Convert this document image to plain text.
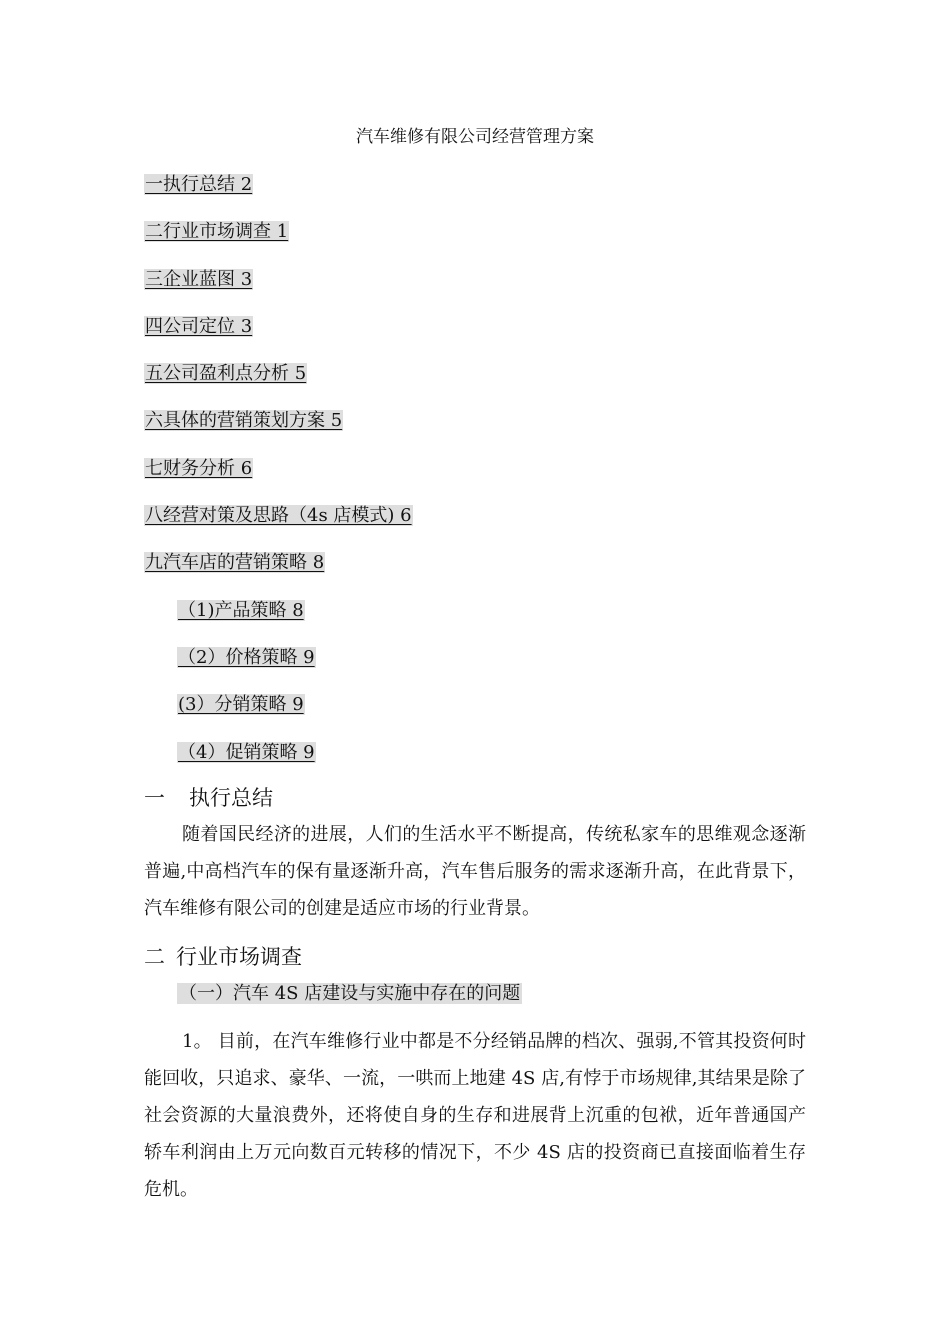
汽车维修有限公司经营管理方案
一执行总结 2
二行业市场调查 1
三企业蓝图 3
四公司定位 3
五公司盈利点分析 5
六具体的营销策划方案 5
七财务分析 6
八经营对策及思路（4s 店模式) 6
九汽车店的营销策略 8
（1)产品策略 8
（2）价格策略 9
(3）分销策略 9
（4）促销策略 9
一 执行总结

随着国民经济的进展，人们的生活水平不断提高，传统私家车的思维观念逐渐普遍,中高档汽车的保有量逐渐升高，汽车售后服务的需求逐渐升高，在此背景下，汽车维修有限公司的创建是适应市场的行业背景。

二 行业市场调查
（一）汽车 4S 店建设与实施中存在的问题

1。 目前，在汽车维修行业中都是不分经销品牌的档次、强弱,不管其投资何时能回收，只追求、豪华、一流，一哄而上地建 4S 店,有悖于市场规律,其结果是除了社会资源的大量浪费外，还将使自身的生存和进展背上沉重的包袱，近年普通国产轿车利润由上万元向数百元转移的情况下，不少 4S 店的投资商已直接面临着生存危机。
